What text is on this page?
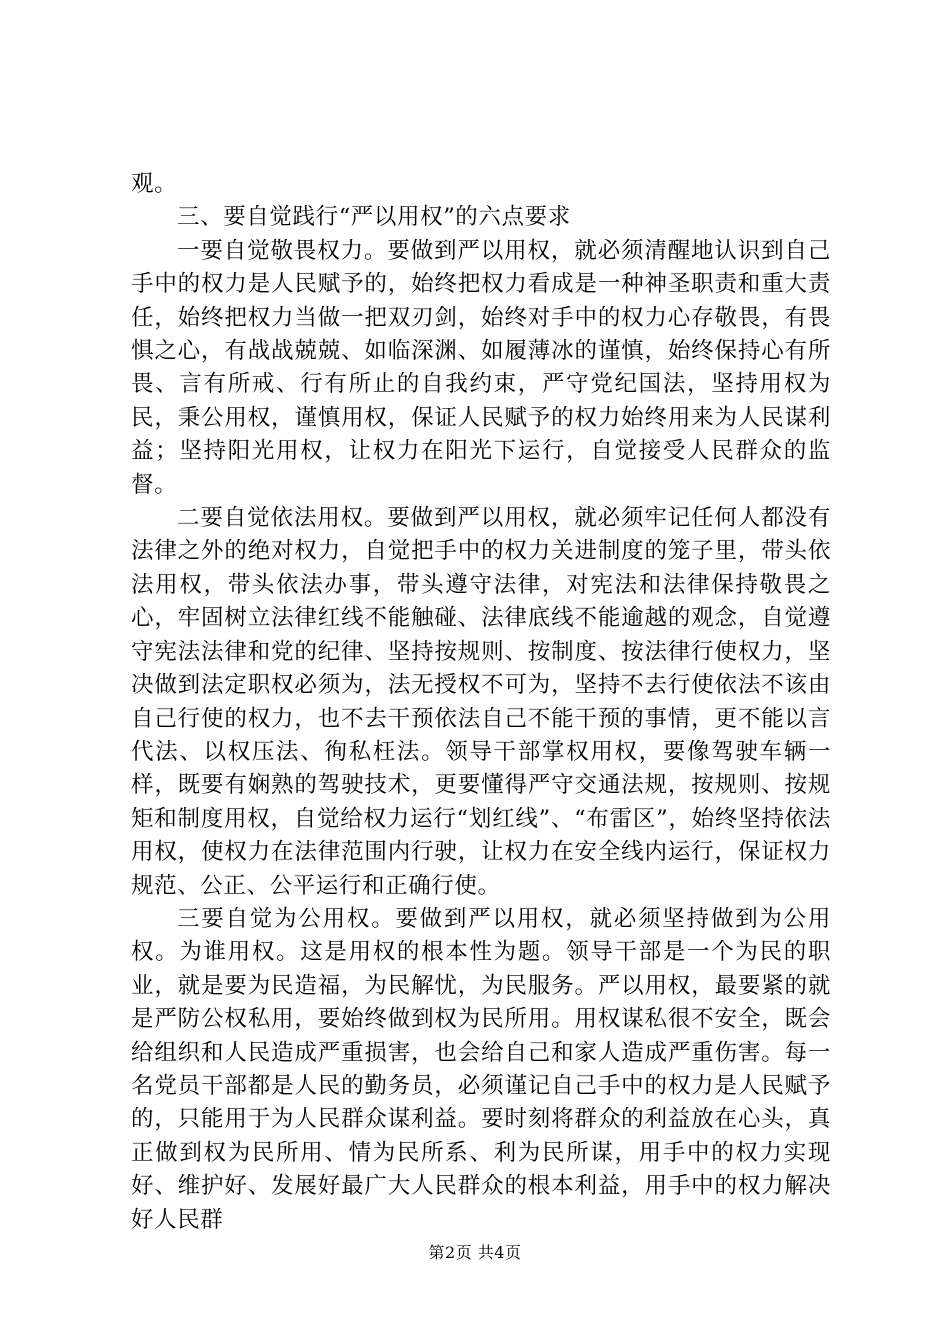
观。

三、要自觉践行“严以用权”的六点要求

一要自觉敬畏权力。要做到严以用权，就必须清醒地认识到自己手中的权力是人民赋予的，始终把权力看成是一种神圣职责和重大责任，始终把权力当做一把双刃剑，始终对手中的权力心存敬畏，有畏惧之心，有战战兢兢、如临深渊、如履薄冰的谨慎，始终保持心有所畏、言有所戒、行有所止的自我约束，严守党纪国法，坚持用权为民，秉公用权，谨慎用权，保证人民赋予的权力始终用来为人民谋利益；坚持阳光用权，让权力在阳光下运行，自觉接受人民群众的监督。

二要自觉依法用权。要做到严以用权，就必须牢记任何人都没有法律之外的绝对权力，自觉把手中的权力关进制度的笼子里，带头依法用权，带头依法办事，带头遵守法律，对宪法和法律保持敬畏之心，牢固树立法律红线不能触碰、法律底线不能逾越的观念，自觉遵守宪法法律和党的纪律、坚持按规则、按制度、按法律行使权力，坚决做到法定职权必须为，法无授权不可为，坚持不去行使依法不该由自己行使的权力，也不去干预依法自己不能干预的事情，更不能以言代法、以权压法、徇私枉法。领导干部掌权用权，要像驾驶车辆一样，既要有娴熟的驾驶技术，更要懂得严守交通法规，按规则、按规矩和制度用权，自觉给权力运行“划红线”、“布雷区”，始终坚持依法用权，使权力在法律范围内行驶，让权力在安全线内运行，保证权力规范、公正、公平运行和正确行使。

三要自觉为公用权。要做到严以用权，就必须坚持做到为公用权。为谁用权。这是用权的根本性为题。领导干部是一个为民的职业，就是要为民造福，为民解忧，为民服务。严以用权，最要紧的就是严防公权私用，要始终做到权为民所用。用权谋私很不安全，既会给组织和人民造成严重损害，也会给自己和家人造成严重伤害。每一名党员干部都是人民的勤务员，必须谨记自己手中的权力是人民赋予的，只能用于为人民群众谋利益。要时刻将群众的利益放在心头，真正做到权为民所用、情为民所系、利为民所谋，用手中的权力实现好、维护好、发展好最广大人民群众的根本利益，用手中的权力解决好人民群

第2页 共4页
